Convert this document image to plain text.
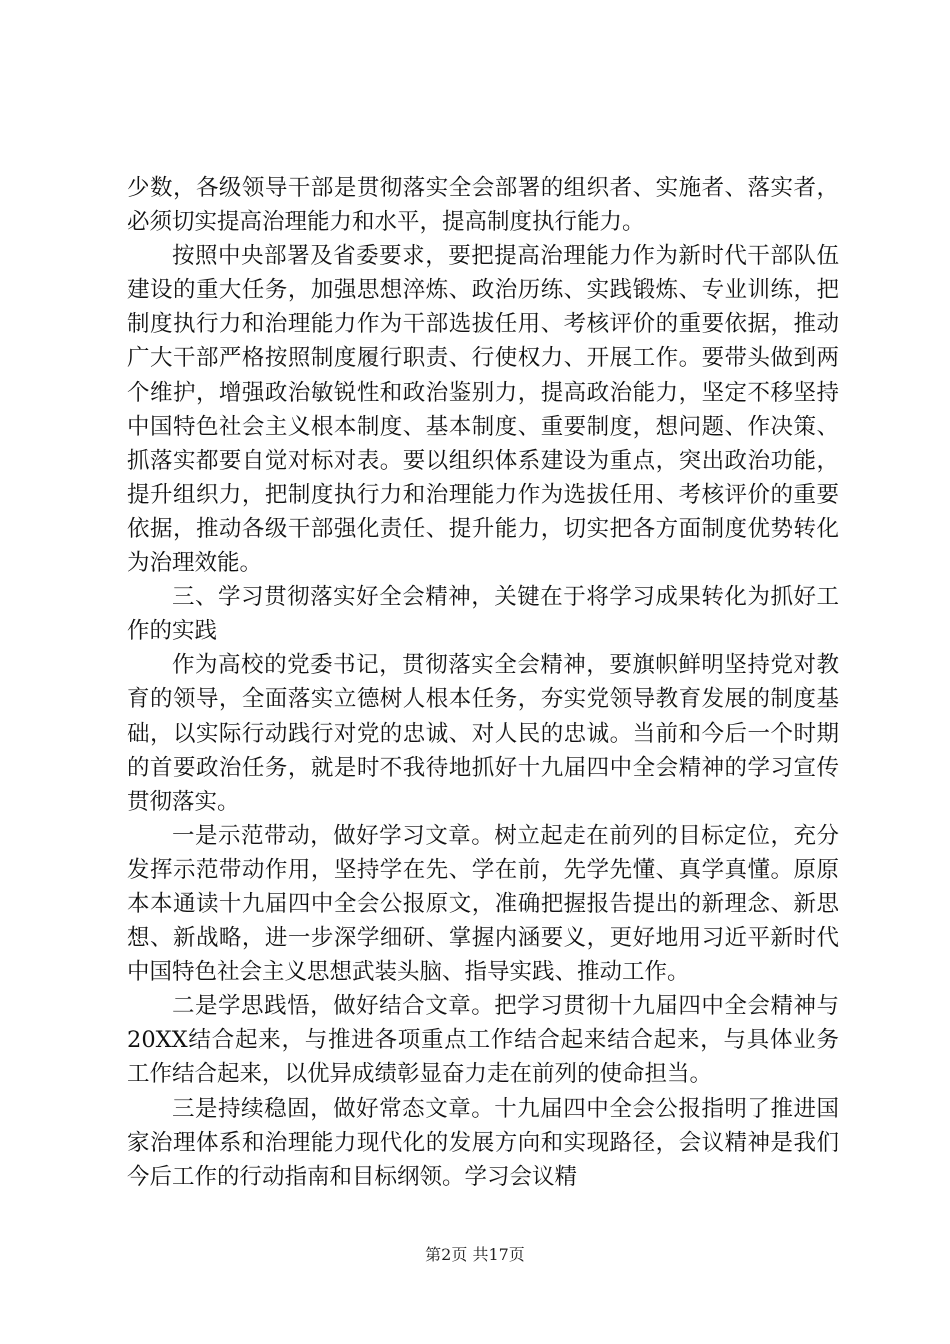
少数，各级领导干部是贯彻落实全会部署的组织者、实施者、落实者，必须切实提高治理能力和水平，提高制度执行能力。

按照中央部署及省委要求，要把提高治理能力作为新时代干部队伍建设的重大任务，加强思想淬炼、政治历练、实践锻炼、专业训练，把制度执行力和治理能力作为干部选拔任用、考核评价的重要依据，推动广大干部严格按照制度履行职责、行使权力、开展工作。要带头做到两个维护，增强政治敏锐性和政治鉴别力，提高政治能力，坚定不移坚持中国特色社会主义根本制度、基本制度、重要制度，想问题、作决策、抓落实都要自觉对标对表。要以组织体系建设为重点，突出政治功能，提升组织力，把制度执行力和治理能力作为选拔任用、考核评价的重要依据，推动各级干部强化责任、提升能力，切实把各方面制度优势转化为治理效能。

三、学习贯彻落实好全会精神，关键在于将学习成果转化为抓好工作的实践

作为高校的党委书记，贯彻落实全会精神，要旗帜鲜明坚持党对教育的领导，全面落实立德树人根本任务，夯实党领导教育发展的制度基础，以实际行动践行对党的忠诚、对人民的忠诚。当前和今后一个时期的首要政治任务，就是时不我待地抓好十九届四中全会精神的学习宣传贯彻落实。

一是示范带动，做好学习文章。树立起走在前列的目标定位，充分发挥示范带动作用，坚持学在先、学在前，先学先懂、真学真懂。原原本本通读十九届四中全会公报原文，准确把握报告提出的新理念、新思想、新战略，进一步深学细研、掌握内涵要义，更好地用习近平新时代中国特色社会主义思想武装头脑、指导实践、推动工作。

二是学思践悟，做好结合文章。把学习贯彻十九届四中全会精神与20XX结合起来，与推进各项重点工作结合起来结合起来，与具体业务工作结合起来，以优异成绩彰显奋力走在前列的使命担当。

三是持续稳固，做好常态文章。十九届四中全会公报指明了推进国家治理体系和治理能力现代化的发展方向和实现路径，会议精神是我们今后工作的行动指南和目标纲领。学习会议精

第2页 共17页
